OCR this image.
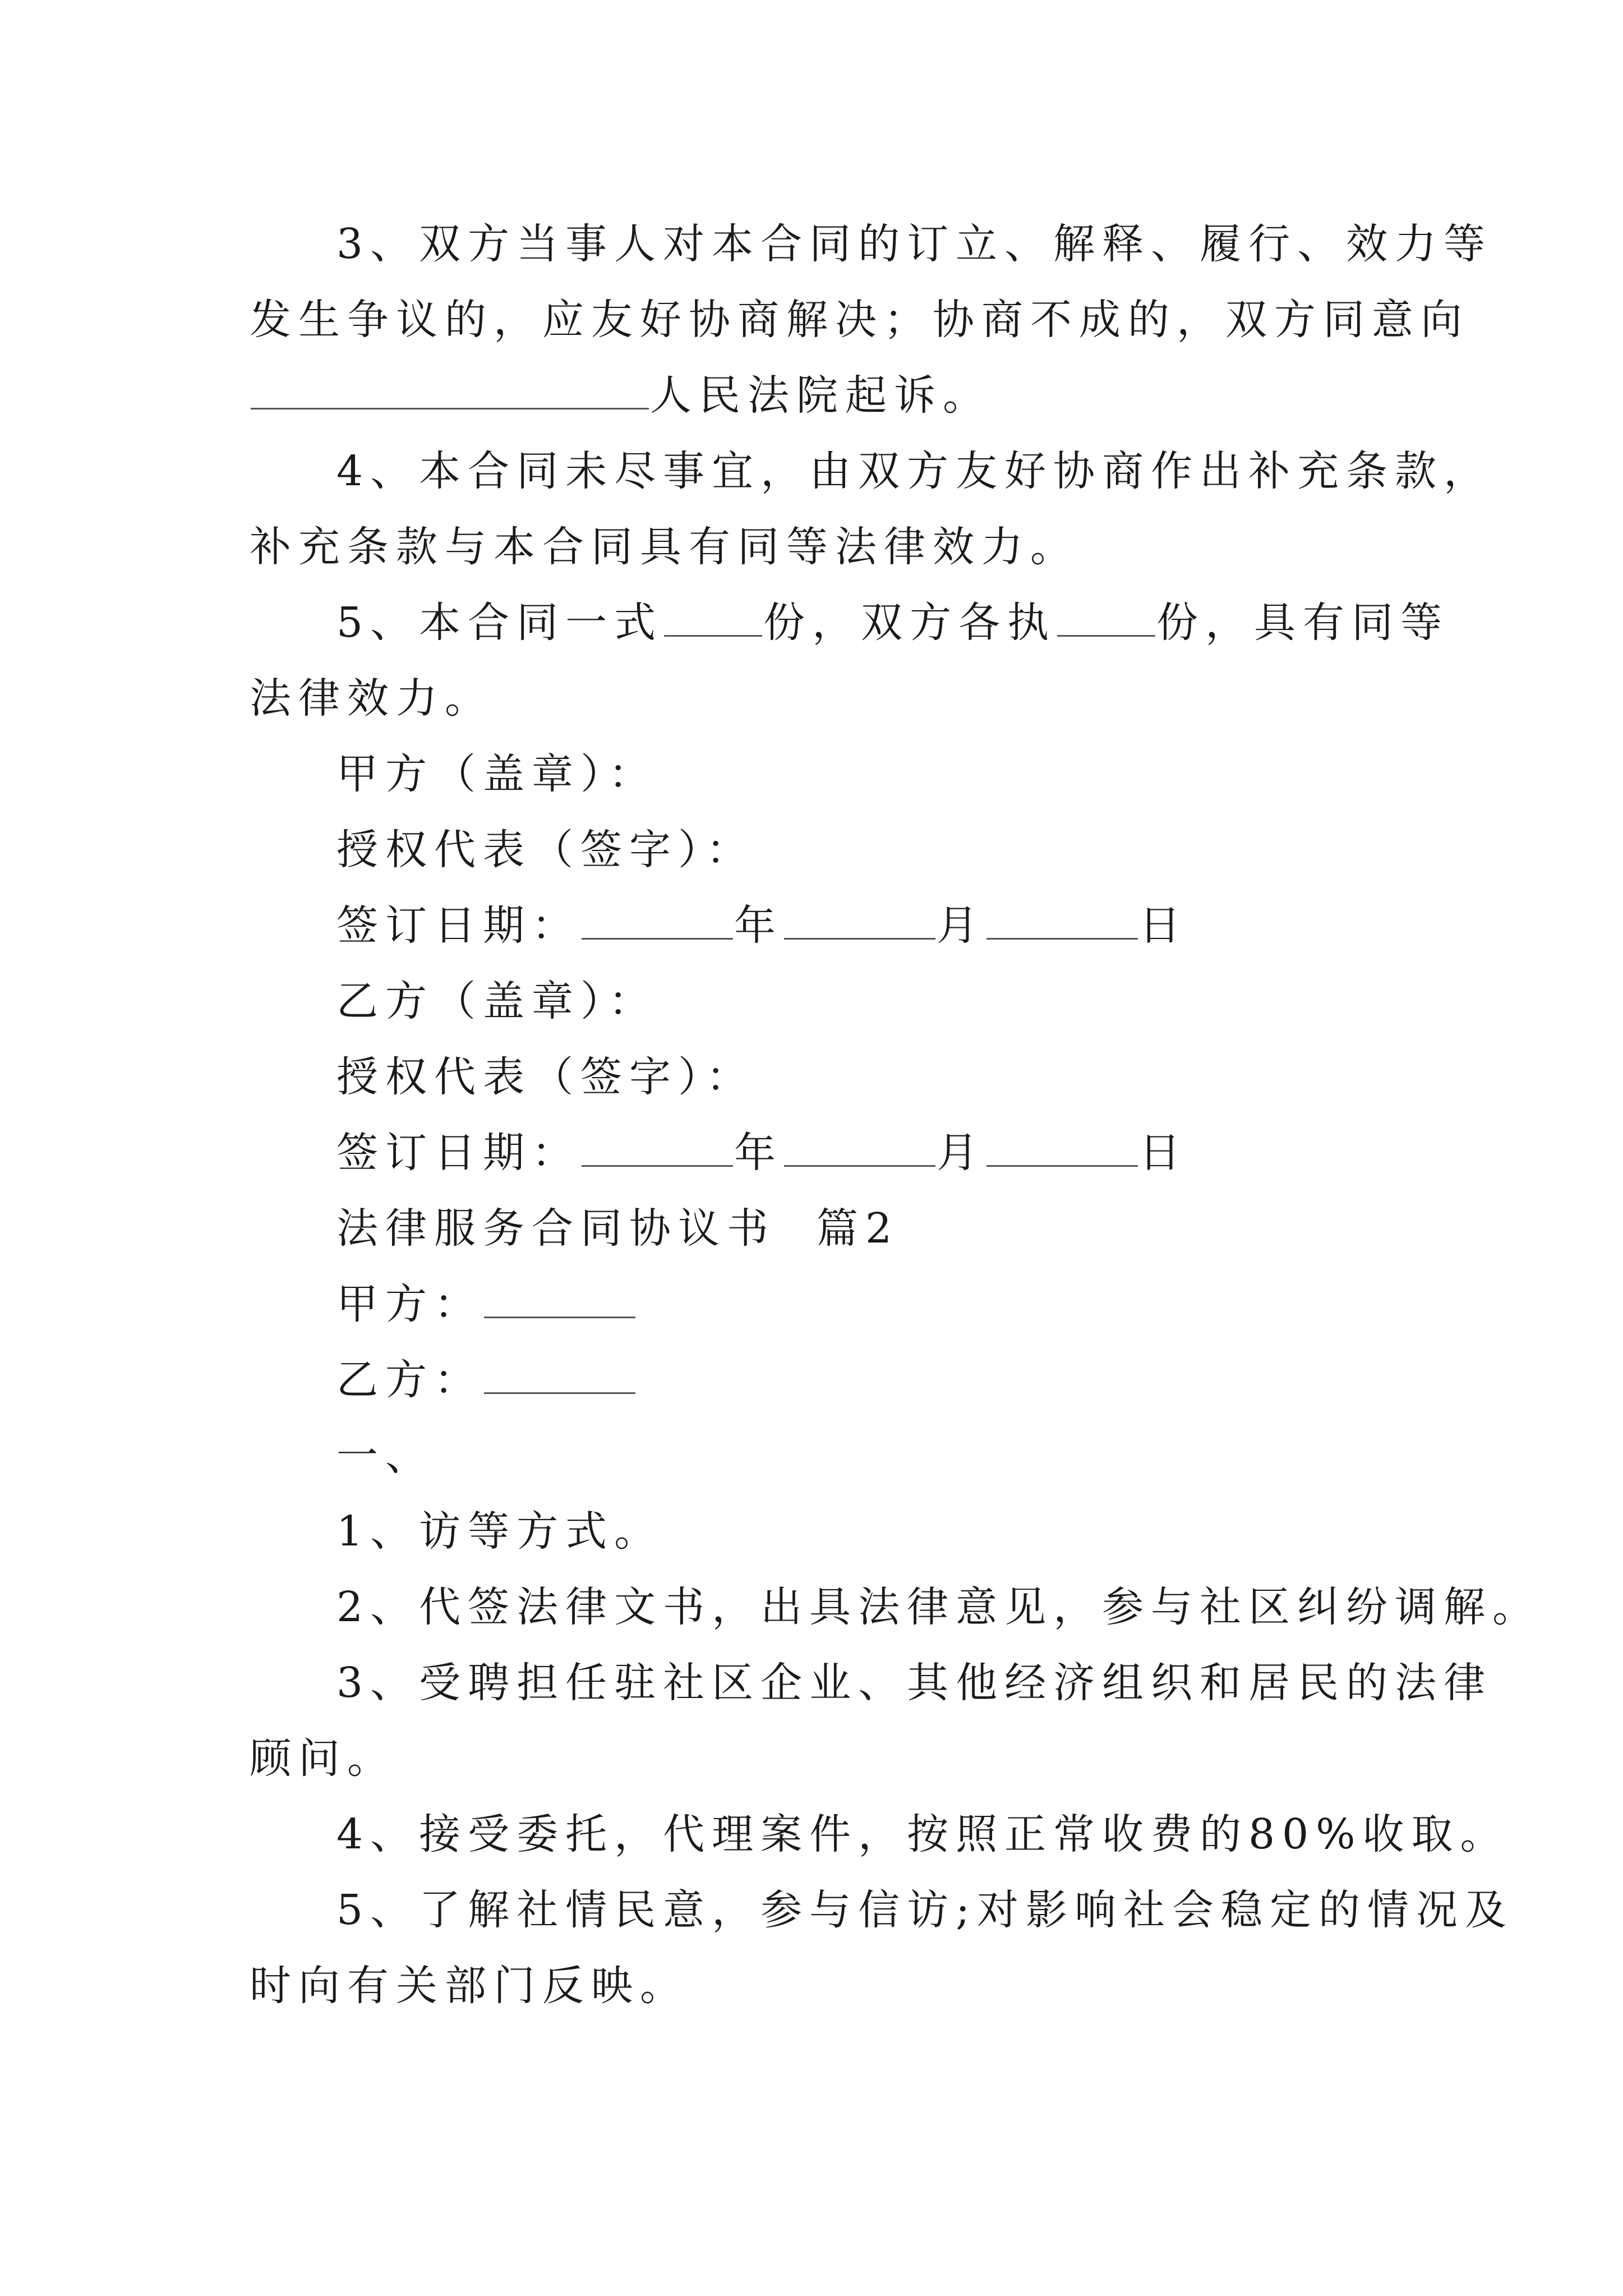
3、双方当事人对本合同的订立、解释、履行、效力等
发生争议的，应友好协商解决；协商不成的，双方同意向
人民法院起诉。
4、本合同未尽事宜，由双方友好协商作出补充条款，
补充条款与本合同具有同等法律效力。
5、本合同一式 份，双方各执 份，具有同等
法律效力。
甲方（盖章）：
授权代表（签字）：
签订日期：	年	月	日
乙方（盖章）：
授权代表（签字）：
签订日期：	年	月	日
法律服务合同协议书  篇2
甲方：
乙方：
一、
1、访等方式。
2、代签法律文书，出具法律意见，参与社区纠纷调解。
3、受聘担任驻社区企业、其他经济组织和居民的法律
顾问。
4、接受委托，代理案件，按照正常收费的80%收取。
5、了解社情民意，参与信访;对影响社会稳定的情况及
时向有关部门反映。
